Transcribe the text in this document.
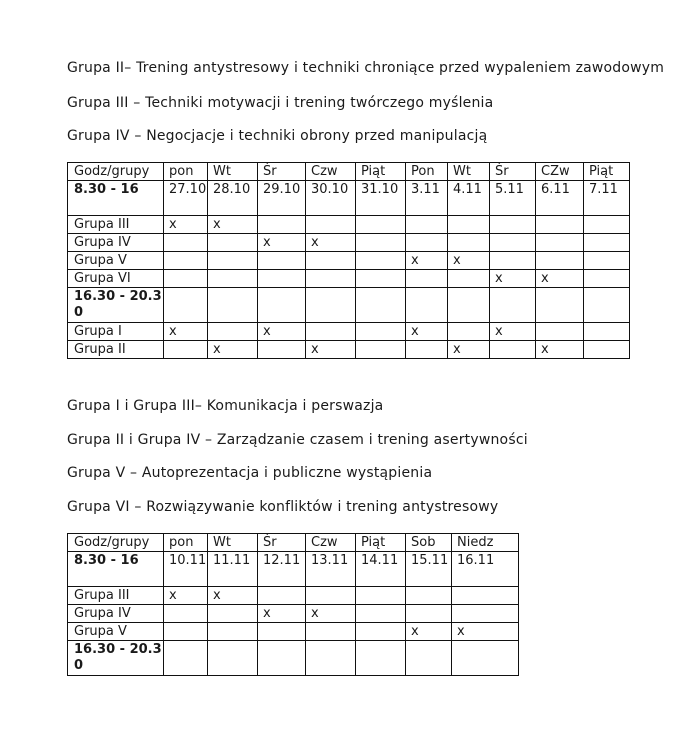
Grupa II– Trening antystresowy i techniki chroniące przed wypaleniem zawodowym

Grupa III – Techniki motywacji i trening twórczego myślenia

Grupa IV – Negocjacje i techniki obrony przed manipulacją

Godz/grupy	pon	Wt	Śr	Czw	Piąt	Pon	Wt	Śr	CZw	Piąt
8.30 - 16	27.10	28.10	29.10	30.10	31.10	3.11	4.11	5.11	6.11	7.11
Grupa III	x	x								
Grupa IV			x	x						
Grupa V						x	x			
Grupa VI								x	x	
16.30 - 20.30										
Grupa I	x		x			x		x		
Grupa II		x		x			x		x	

Grupa I i Grupa III– Komunikacja i perswazja

Grupa II i Grupa IV – Zarządzanie czasem i trening asertywności

Grupa V – Autoprezentacja i publiczne wystąpienia

Grupa VI – Rozwiązywanie konfliktów i trening antystresowy

Godz/grupy	pon	Wt	Śr	Czw	Piąt	Sob	Niedz
8.30 - 16	10.11	11.11	12.11	13.11	14.11	15.11	16.11
Grupa III	x	x					
Grupa IV			x	x			
Grupa V						x	x
16.30 - 20.30							
